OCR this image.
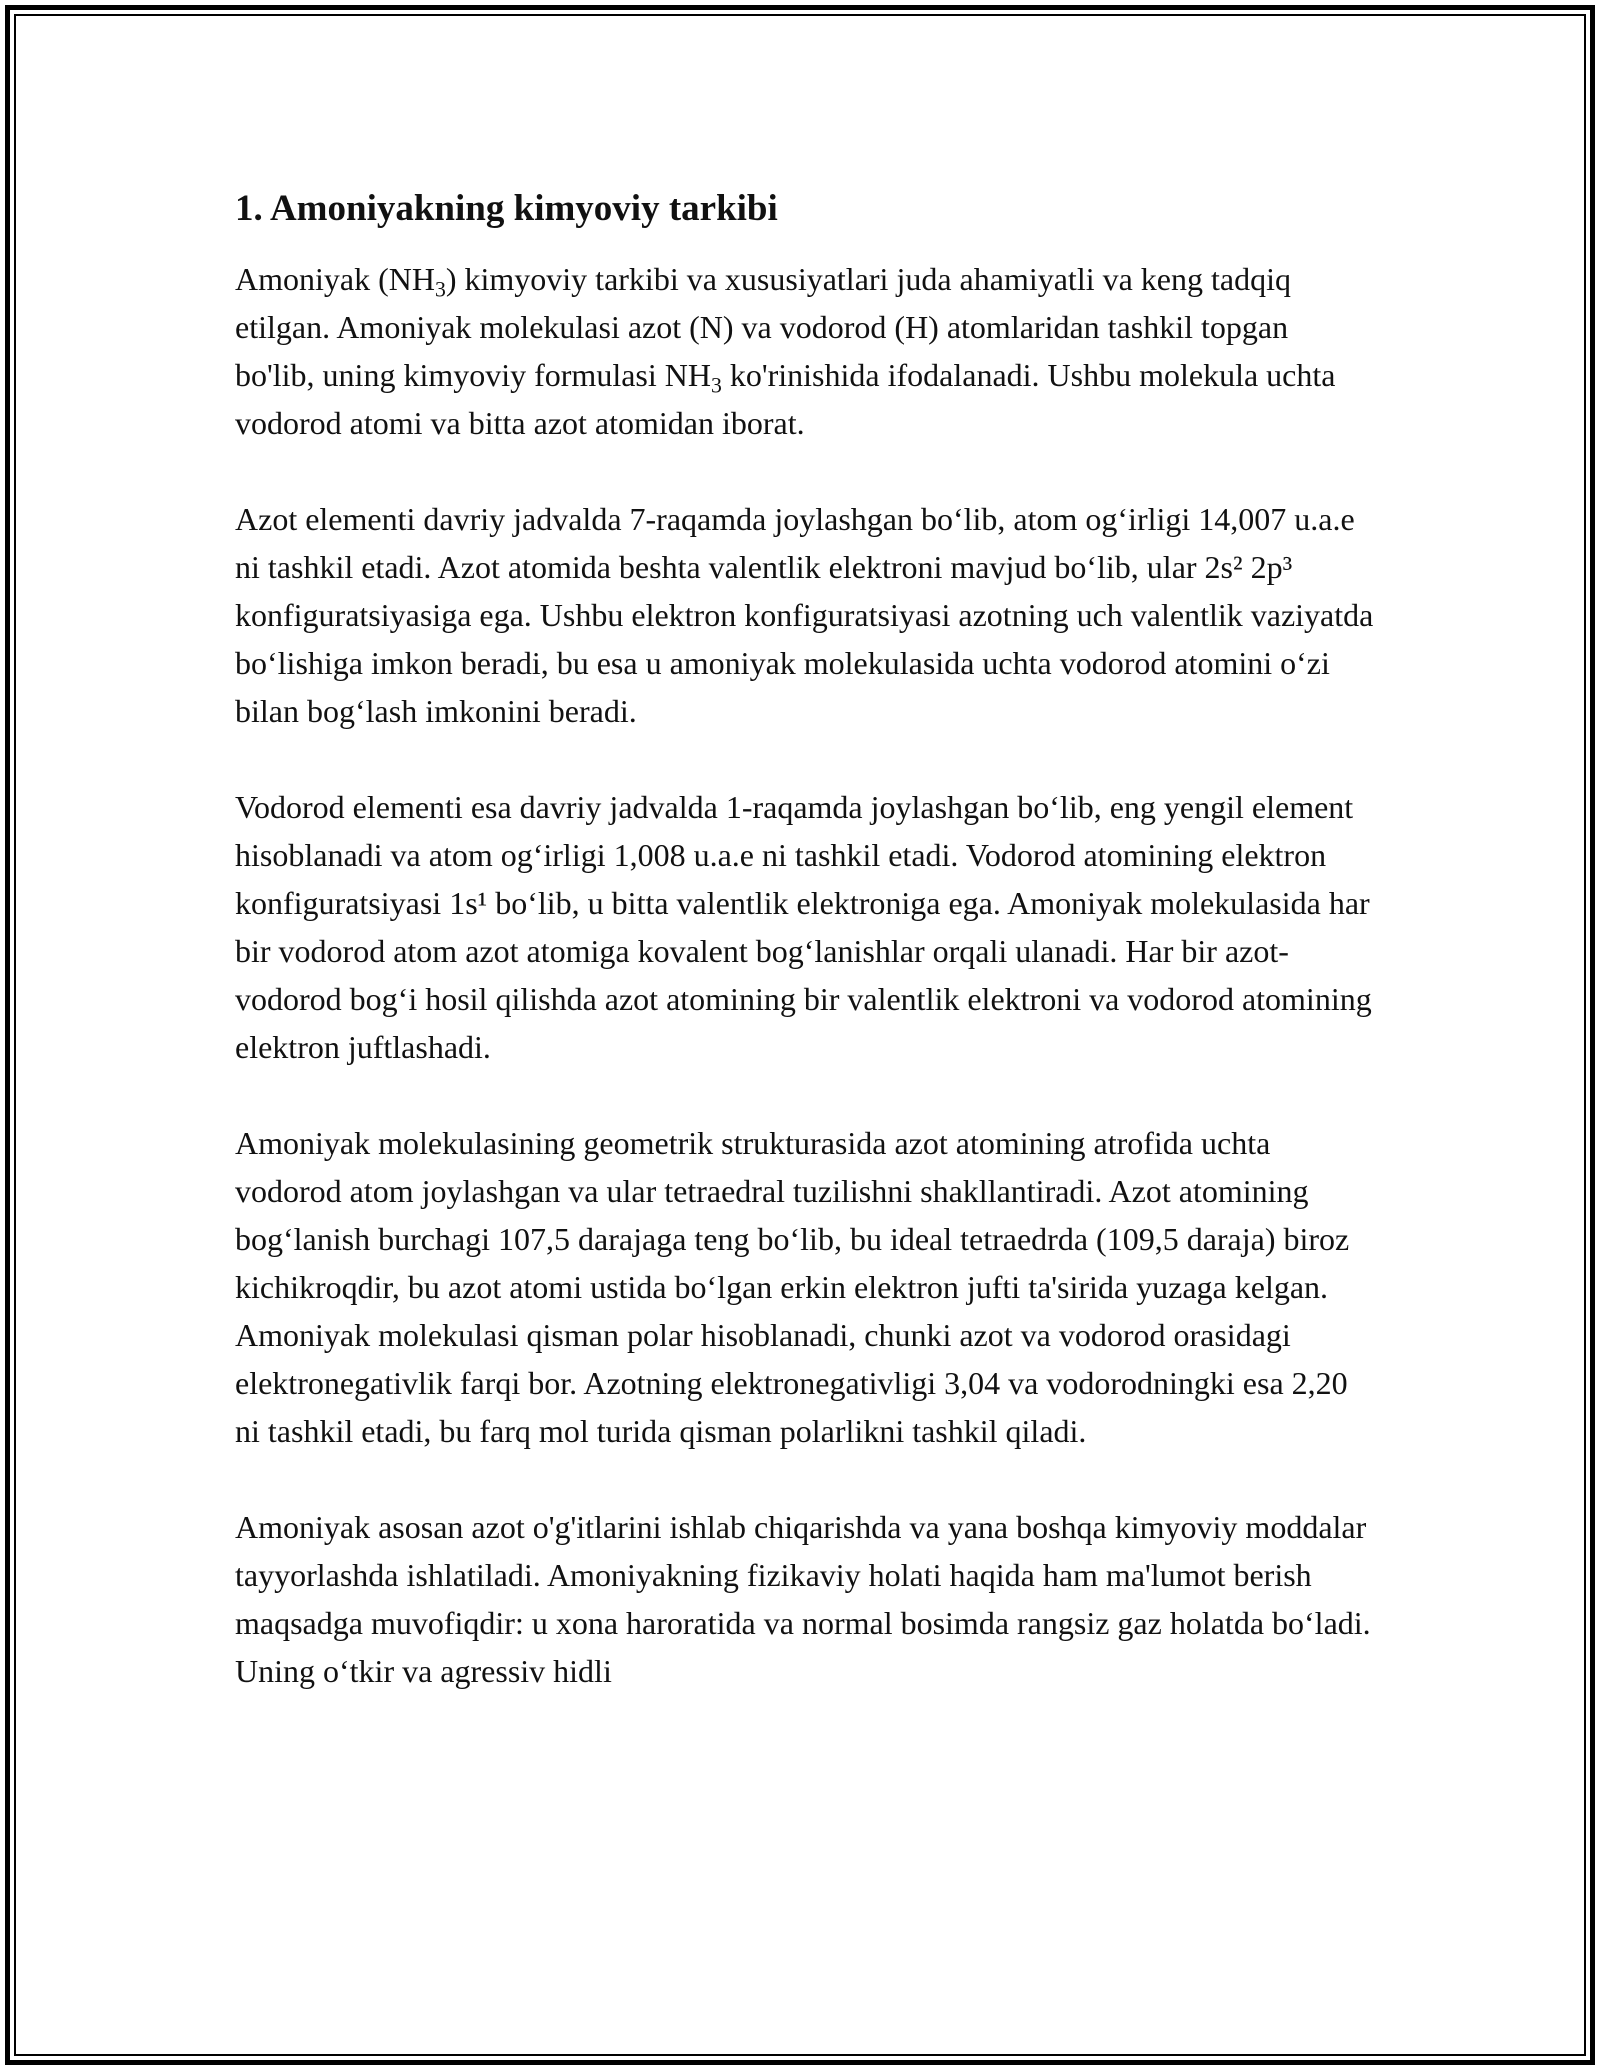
1. Amoniyakning kimyoviy tarkibi

Amoniyak $(NH_3)$ kimyoviy tarkibi va xususiyatlari juda ahamiyatli va keng tadqiq etilgan. Amoniyak molekulasi azot (N) va vodorod (H) atomlaridan tashkil topgan bo'lib, uning kimyoviy formulasi $NH_3$ ko'rinishida ifodalanadi. Ushbu molekula uchta vodorod atomi va bitta azot atomidan iborat.

Azot elementi davriy jadvalda 7-raqamda joylashgan bo‘lib, atom og‘irligi 14,007 u.a.e ni tashkil etadi. Azot atomida beshta valentlik elektroni mavjud bo‘lib, ular 2s² 2p³ konfiguratsiyasiga ega. Ushbu elektron konfiguratsiyasi azotning uch valentlik vaziyatda bo‘lishiga imkon beradi, bu esa u amoniyak molekulasida uchta vodorod atomini o‘zi bilan bog‘lash imkonini beradi.

Vodorod elementi esa davriy jadvalda 1-raqamda joylashgan bo‘lib, eng yengil element hisoblanadi va atom og‘irligi 1,008 u.a.e ni tashkil etadi. Vodorod atomining elektron konfiguratsiyasi 1s¹ bo‘lib, u bitta valentlik elektroniga ega. Amoniyak molekulasida har bir vodorod atom azot atomiga kovalent bog‘lanishlar orqali ulanadi. Har bir azot-vodorod bog‘i hosil qilishda azot atomining bir valentlik elektroni va vodorod atomining elektron juftlashadi.

Amoniyak molekulasining geometrik strukturasida azot atomining atrofida uchta vodorod atom joylashgan va ular tetraedral tuzilishni shakllantiradi. Azot atomining bog‘lanish burchagi 107,5 darajaga teng bo‘lib, bu ideal tetraedrda (109,5 daraja) biroz kichikroqdir, bu azot atomi ustida bo‘lgan erkin elektron jufti ta'sirida yuzaga kelgan. Amoniyak molekulasi qisman polar hisoblanadi, chunki azot va vodorod orasidagi elektronegativlik farqi bor. Azotning elektronegativligi 3,04 va vodorodningki esa 2,20 ni tashkil etadi, bu farq mol turida qisman polarlikni tashkil qiladi.

Amoniyak asosan azot o'g'itlarini ishlab chiqarishda va yana boshqa kimyoviy moddalar tayyorlashda ishlatiladi. Amoniyakning fizikaviy holati haqida ham ma'lumot berish maqsadga muvofiqdir: u xona haroratida va normal bosimda rangsiz gaz holatda bo‘ladi. Uning o‘tkir va agressiv hidli
